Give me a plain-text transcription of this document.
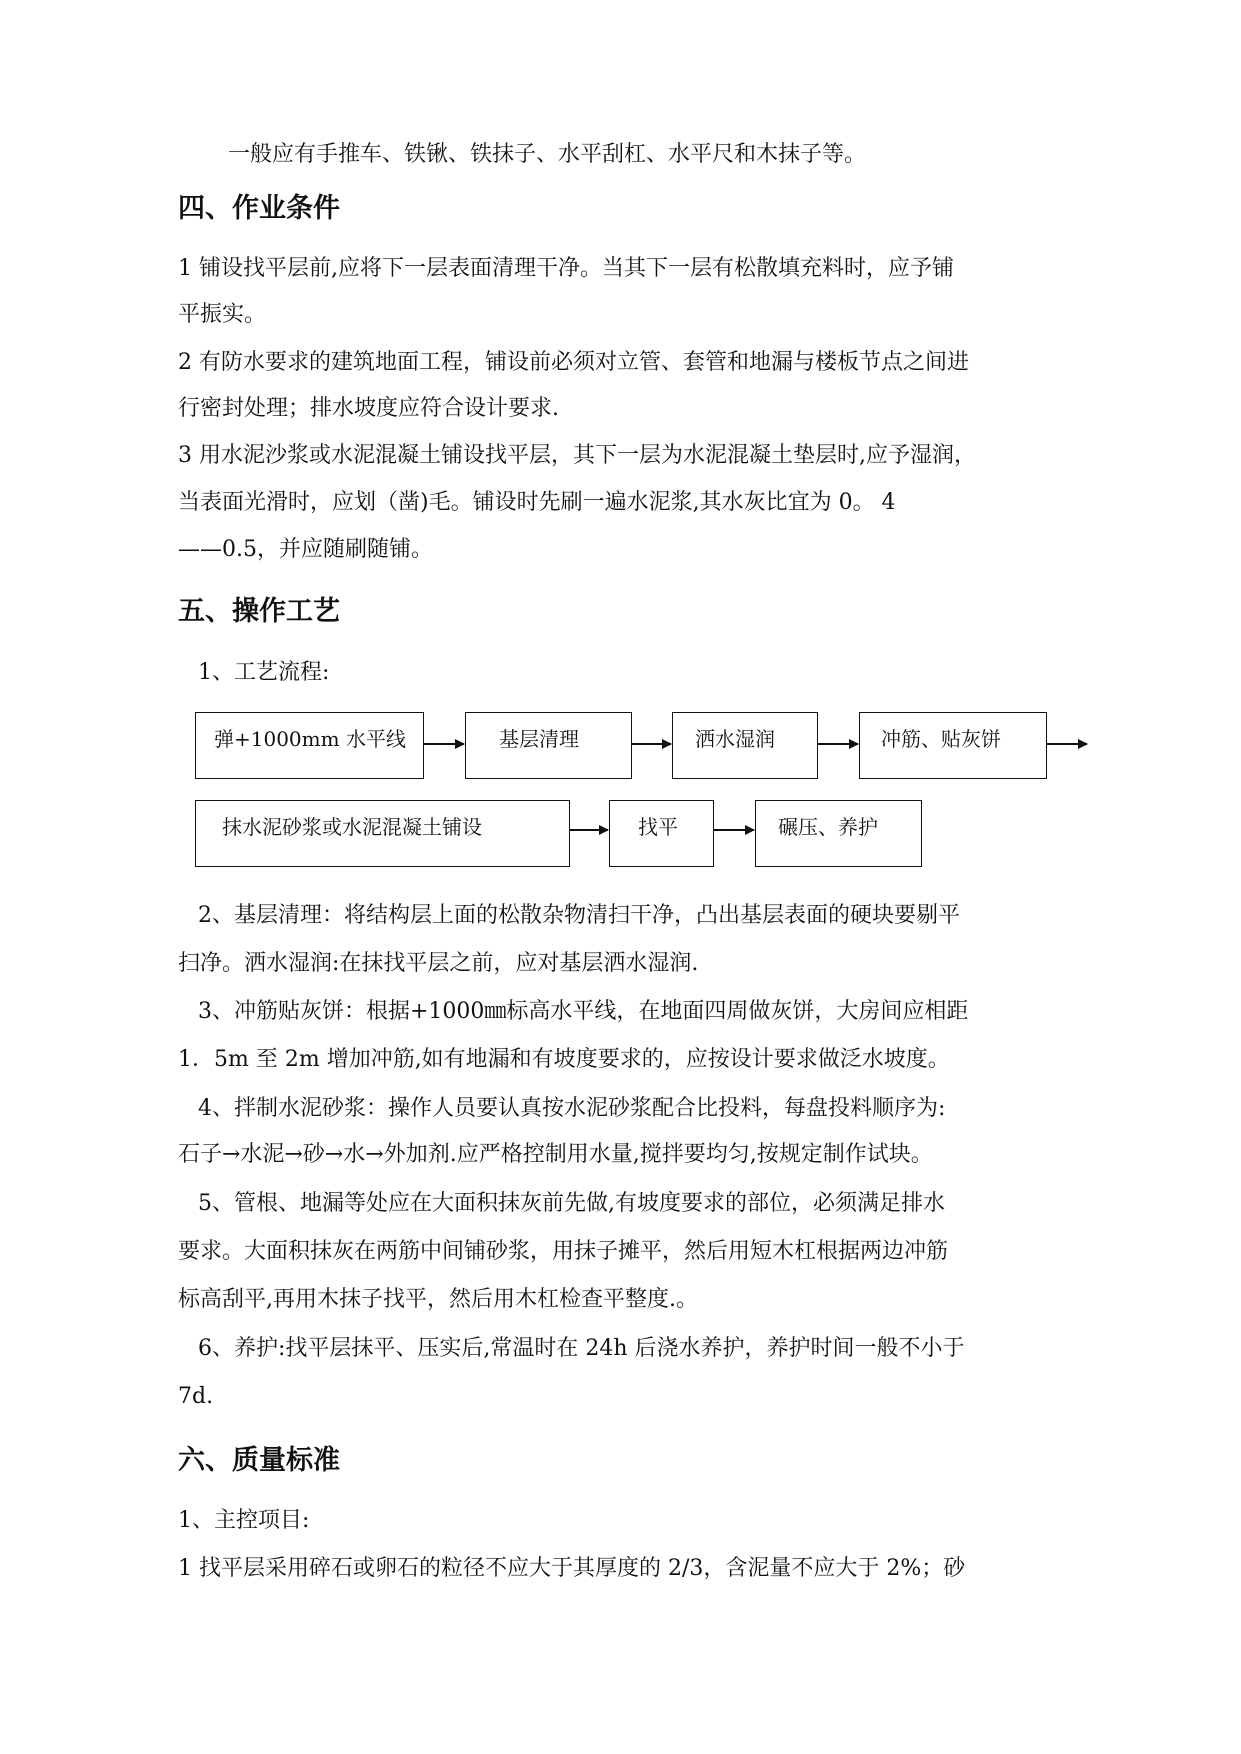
一般应有手推车、铁锹、铁抹子、水平刮杠、水平尺和木抹子等。
四、作业条件
1 铺设找平层前,应将下一层表面清理干净。当其下一层有松散填充料时，应予铺
平振实。
2 有防水要求的建筑地面工程，铺设前必须对立管、套管和地漏与楼板节点之间进
行密封处理；排水坡度应符合设计要求.
3 用水泥沙浆或水泥混凝土铺设找平层，其下一层为水泥混凝土垫层时,应予湿润，
当表面光滑时，应划（凿)毛。铺设时先刷一遍水泥浆,其水灰比宜为 0。 4
——0.5，并应随刷随铺。
五、操作工艺
1、工艺流程:
弹+1000mm 水平线	基层清理	洒水湿润	冲筋、贴灰饼
抹水泥砂浆或水泥混凝土铺设	找平	碾压、养护
2、基层清理：将结构层上面的松散杂物清扫干净，凸出基层表面的硬块要剔平
扫净。洒水湿润:在抹找平层之前，应对基层洒水湿润.
3、冲筋贴灰饼：根据+1000㎜标高水平线，在地面四周做灰饼，大房间应相距
1．5m 至 2m 增加冲筋,如有地漏和有坡度要求的，应按设计要求做泛水坡度。
4、拌制水泥砂浆：操作人员要认真按水泥砂浆配合比投料，每盘投料顺序为:
石子→水泥→砂→水→外加剂.应严格控制用水量,搅拌要均匀,按规定制作试块。
5、管根、地漏等处应在大面积抹灰前先做,有坡度要求的部位，必须满足排水
要求。大面积抹灰在两筋中间铺砂浆，用抹子摊平，然后用短木杠根据两边冲筋
标高刮平,再用木抹子找平，然后用木杠检查平整度.。
6、养护:找平层抹平、压实后,常温时在 24h 后浇水养护，养护时间一般不小于
7d.
六、质量标准
1、主控项目:
1 找平层采用碎石或卵石的粒径不应大于其厚度的 2/3，含泥量不应大于 2%；砂
